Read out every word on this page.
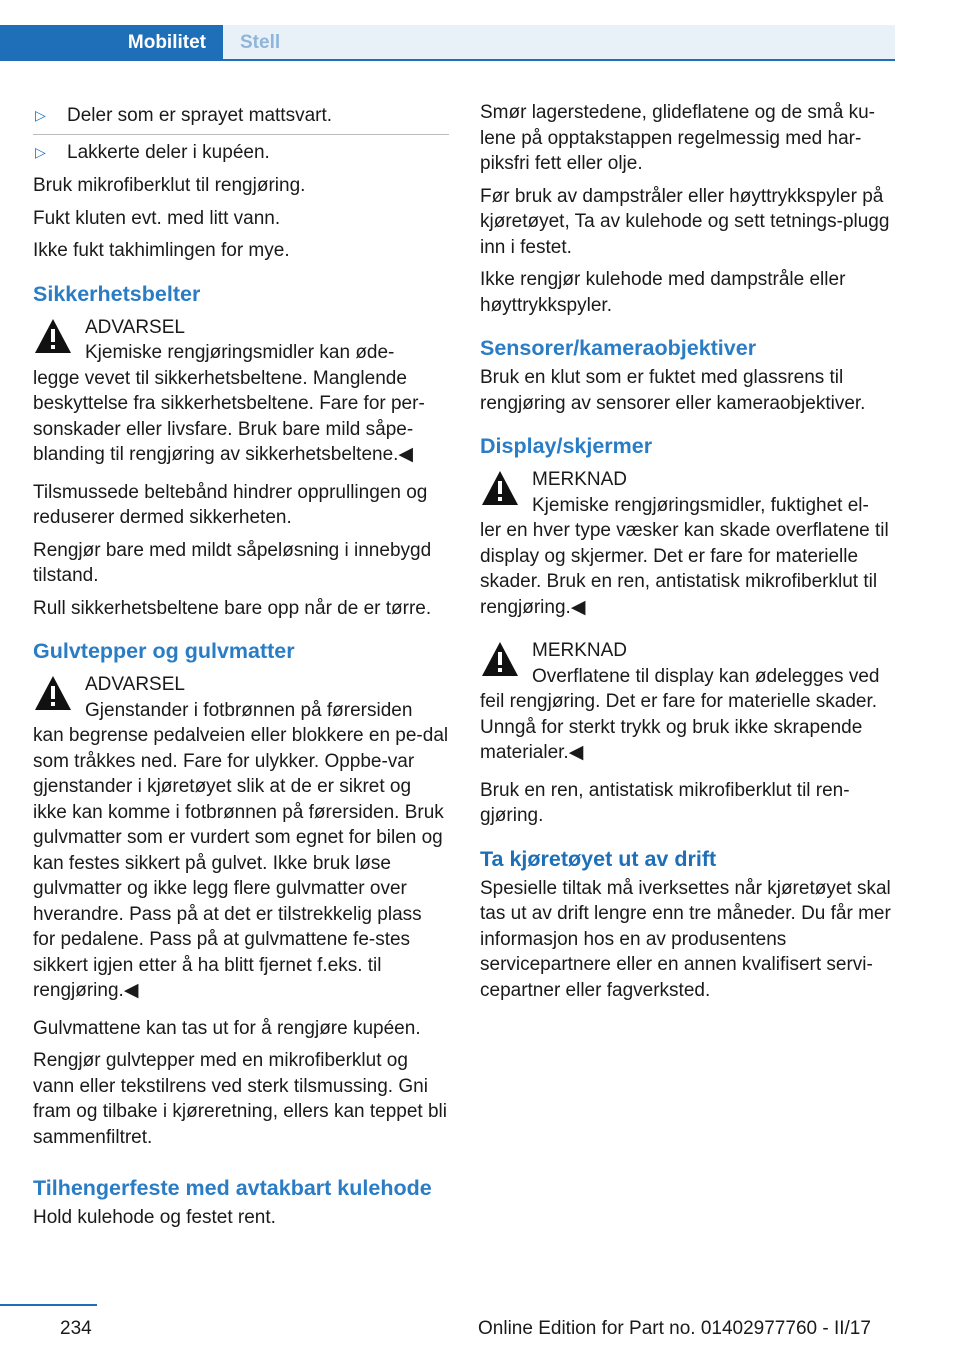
Mobilitet	Stell
▷	Deler som er sprayet mattsvart.
▷	Lakkerte deler i kupéen.

Bruk mikrofiberklut til rengjøring.

Fukt kluten evt. med litt vann.

Ikke fukt takhimlingen for mye.

Sikkerhetsbelter
ADVARSEL
Kjemiske rengjøringsmidler kan øde-
legge vevet til sikkerhetsbeltene. Manglende beskyttelse fra sikkerhetsbeltene. Fare for per-sonskader eller livsfare. Bruk bare mild såpe-blanding til rengjøring av sikkerhetsbeltene.◀

Tilsmussede beltebånd hindrer opprullingen og reduserer dermed sikkerheten.

Rengjør bare med mildt såpeløsning i innebygd tilstand.

Rull sikkerhetsbeltene bare opp når de er tørre.

Gulvtepper og gulvmatter
ADVARSEL
Gjenstander i fotbrønnen på førersiden
kan begrense pedalveien eller blokkere en pe-dal som tråkkes ned. Fare for ulykker. Oppbe-var gjenstander i kjøretøyet slik at de er sikret og ikke kan komme i fotbrønnen på førersiden. Bruk gulvmatter som er vurdert som egnet for bilen og kan festes sikkert på gulvet. Ikke bruk løse gulvmatter og ikke legg flere gulvmatter over hverandre. Pass på at det er tilstrekkelig plass for pedalene. Pass på at gulvmattene fe-stes sikkert igjen etter å ha blitt fjernet f.eks. til rengjøring.◀

Gulvmattene kan tas ut for å rengjøre kupéen.

Rengjør gulvtepper med en mikrofiberklut og vann eller tekstilrens ved sterk tilsmussing. Gni fram og tilbake i kjøreretning, ellers kan teppet bli sammenfiltret.

Tilhengerfeste med avtakbart kulehode

Hold kulehode og festet rent.

Smør lagerstedene, glideflatene og de små ku-lene på opptakstappen regelmessig med har-piksfri fett eller olje.

Før bruk av dampstråler eller høyttrykkspyler på kjøretøyet, Ta av kulehode og sett tetnings-plugg inn i festet.

Ikke rengjør kulehode med dampstråle eller høyttrykkspyler.

Sensorer/kameraobjektiver

Bruk en klut som er fuktet med glassrens til rengjøring av sensorer eller kameraobjektiver.

Display/skjermer
MERKNAD
Kjemiske rengjøringsmidler, fuktighet el-
ler en hver type væsker kan skade overflatene til display og skjermer. Det er fare for materielle skader. Bruk en ren, antistatisk mikrofiberklut til rengjøring.◀
MERKNAD
Overflatene til display kan ødelegges ved
feil rengjøring. Det er fare for materielle skader. Unngå for sterkt trykk og bruk ikke skrapende materialer.◀

Bruk en ren, antistatisk mikrofiberklut til ren-gjøring.

Ta kjøretøyet ut av drift

Spesielle tiltak må iverksettes når kjøretøyet skal tas ut av drift lengre enn tre måneder. Du får mer informasjon hos en av produsentens servicepartnere eller en annen kvalifisert servi-cepartner eller fagverksted.

234	Online Edition for Part no. 01402977760 - II/17
